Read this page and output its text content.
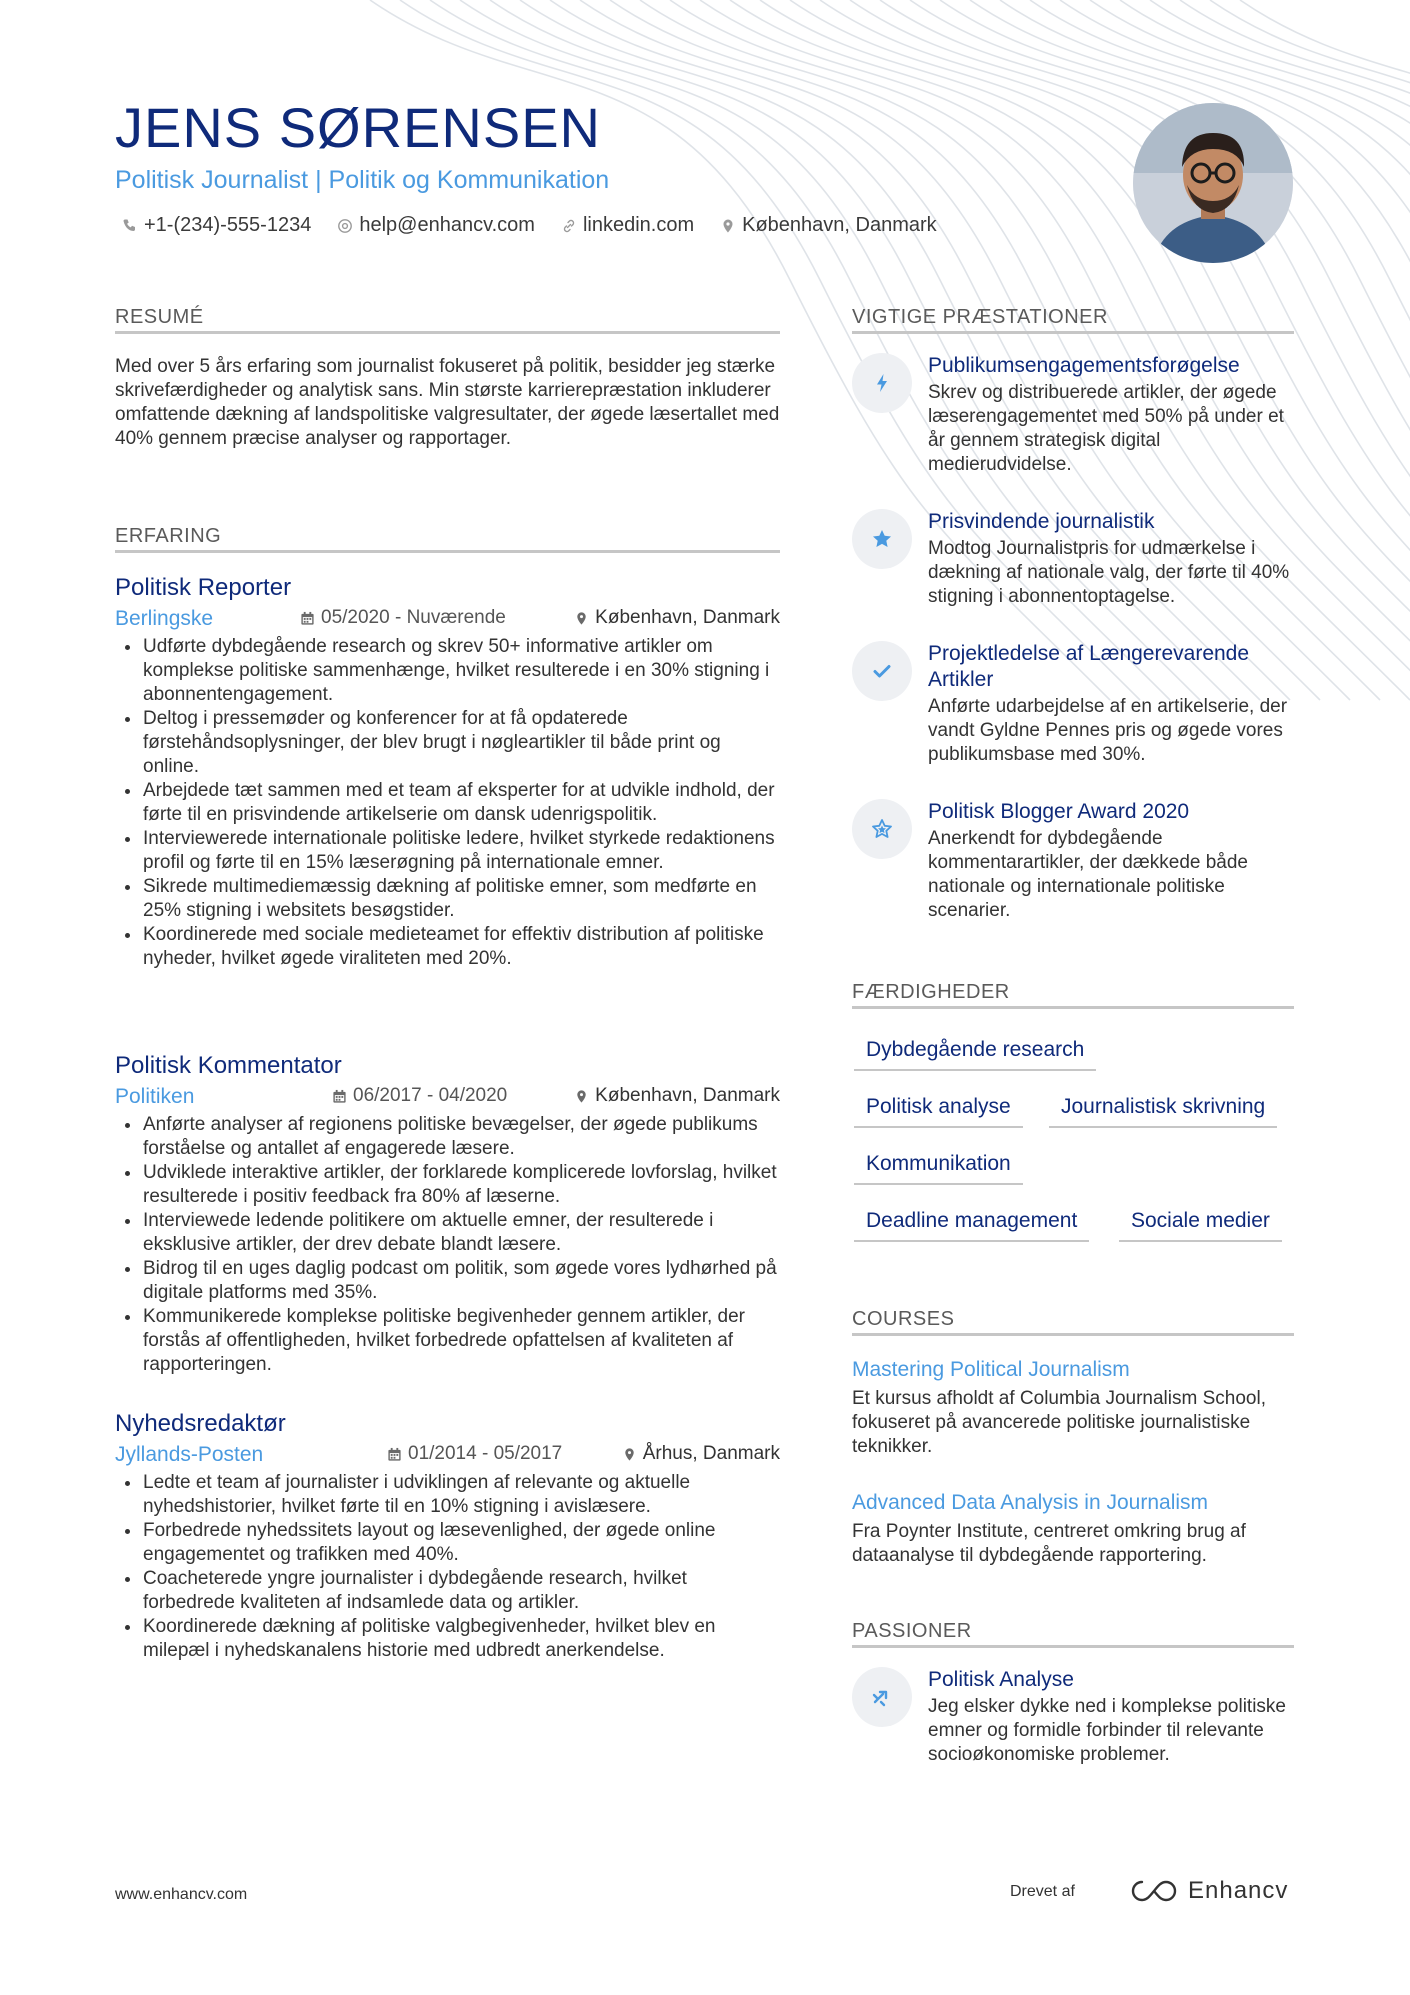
JENS SØRENSEN
Politisk Journalist | Politik og Kommunikation
+1-(234)-555-1234 help@enhancv.com linkedin.com København, Danmark
RESUMÉ
Med over 5 års erfaring som journalist fokuseret på politik, besidder jeg stærke skrivefærdigheder og analytisk sans. Min største karrierepræstation inkluderer omfattende dækning af landspolitiske valgresultater, der øgede læsertallet med 40% gennem præcise analyser og rapportager.
ERFARING
Politisk Reporter
Berlingske	05/2020 - Nuværende	København, Danmark
Udførte dybdegående research og skrev 50+ informative artikler om komplekse politiske sammenhænge, hvilket resulterede i en 30% stigning i abonnentengagement.
Deltog i pressemøder og konferencer for at få opdaterede førstehåndsoplysninger, der blev brugt i nøgleartikler til både print og online.
Arbejdede tæt sammen med et team af eksperter for at udvikle indhold, der førte til en prisvindende artikelserie om dansk udenrigspolitik.
Interviewerede internationale politiske ledere, hvilket styrkede redaktionens profil og førte til en 15% læserøgning på internationale emner.
Sikrede multimediemæssig dækning af politiske emner, som medførte en 25% stigning i websitets besøgstider.
Koordinerede med sociale medieteamet for effektiv distribution af politiske nyheder, hvilket øgede viraliteten med 20%.
Politisk Kommentator
Politiken	06/2017 - 04/2020	København, Danmark
Anførte analyser af regionens politiske bevægelser, der øgede publikums forståelse og antallet af engagerede læsere.
Udviklede interaktive artikler, der forklarede komplicerede lovforslag, hvilket resulterede i positiv feedback fra 80% af læserne.
Interviewede ledende politikere om aktuelle emner, der resulterede i eksklusive artikler, der drev debate blandt læsere.
Bidrog til en uges daglig podcast om politik, som øgede vores lydhørhed på digitale platforms med 35%.
Kommunikerede komplekse politiske begivenheder gennem artikler, der forstås af offentligheden, hvilket forbedrede opfattelsen af kvaliteten af rapporteringen.
Nyhedsredaktør
Jyllands-Posten	01/2014 - 05/2017	Århus, Danmark
Ledte et team af journalister i udviklingen af relevante og aktuelle nyhedshistorier, hvilket førte til en 10% stigning i avislæsere.
Forbedrede nyhedssitets layout og læsevenlighed, der øgede online engagementet og trafikken med 40%.
Coacheterede yngre journalister i dybdegående research, hvilket forbedrede kvaliteten af indsamlede data og artikler.
Koordinerede dækning af politiske valgbegivenheder, hvilket blev en milepæl i nyhedskanalens historie med udbredt anerkendelse.
VIGTIGE PRÆSTATIONER
Publikumsengagementsforøgelse
Skrev og distribuerede artikler, der øgede læserengagementet med 50% på under et år gennem strategisk digital medierudvidelse.
Prisvindende journalistik
Modtog Journalistpris for udmærkelse i dækning af nationale valg, der førte til 40% stigning i abonnentoptagelse.
Projektledelse af Længerevarende Artikler
Anførte udarbejdelse af en artikelserie, der vandt Gyldne Pennes pris og øgede vores publikumsbase med 30%.
Politisk Blogger Award 2020
Anerkendt for dybdegående kommentarartikler, der dækkede både nationale og internationale politiske scenarier.
FÆRDIGHEDER
Dybdegående research
Politisk analyse	Journalistisk skrivning
Kommunikation
Deadline management	Sociale medier
COURSES
Mastering Political Journalism
Et kursus afholdt af Columbia Journalism School, fokuseret på avancerede politiske journalistiske teknikker.
Advanced Data Analysis in Journalism
Fra Poynter Institute, centreret omkring brug af dataanalyse til dybdegående rapportering.
PASSIONER
Politisk Analyse
Jeg elsker dykke ned i komplekse politiske emner og formidle forbinder til relevante socioøkonomiske problemer.
www.enhancv.com	Drevet af	Enhancv
